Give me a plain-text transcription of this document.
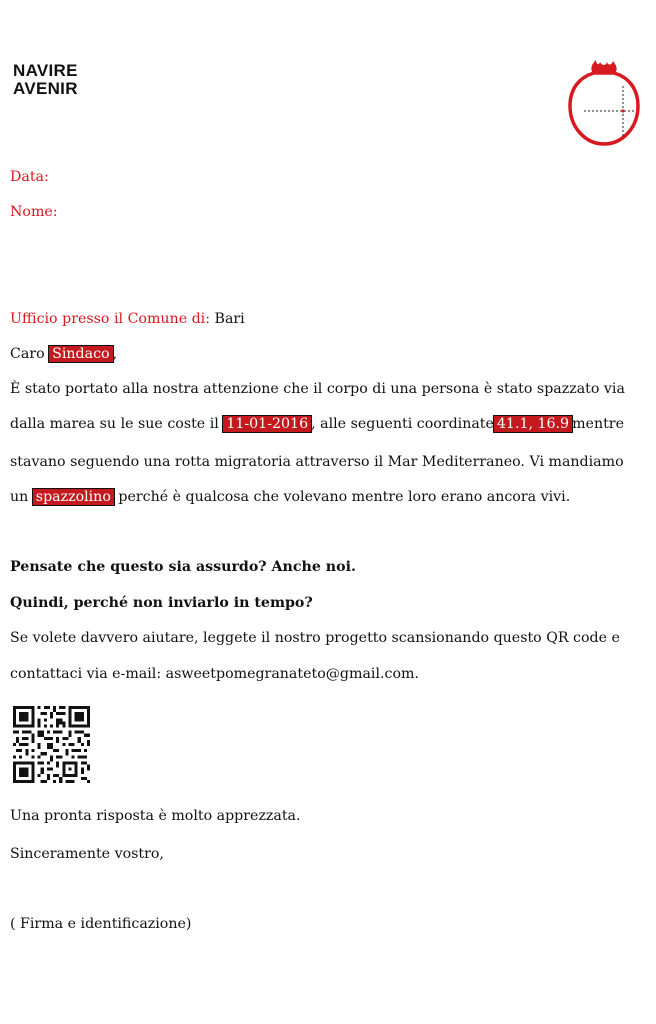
NAVIRE
AVENIR
Data:
Nome:
Ufficio presso il Comune di: Bari
Caro Sindaco ,
È stato portato alla nostra attenzione che il corpo di una persona è stato spazzato via
dalla marea su le sue coste il 11-01-2016 , alle seguenti coordinate 41.1, 16.9 mentre
stavano seguendo una rotta migratoria attraverso il Mar Mediterraneo. Vi mandiamo
un spazzolino perché è qualcosa che volevano mentre loro erano ancora vivi.
Pensate che questo sia assurdo? Anche noi.
Quindi, perché non inviarlo in tempo?
Se volete davvero aiutare, leggete il nostro progetto scansionando questo QR code e
contattaci via e-mail: asweetpomegranateto@gmail.com.
Una pronta risposta è molto apprezzata.
Sinceramente vostro,
( Firma e identificazione)
